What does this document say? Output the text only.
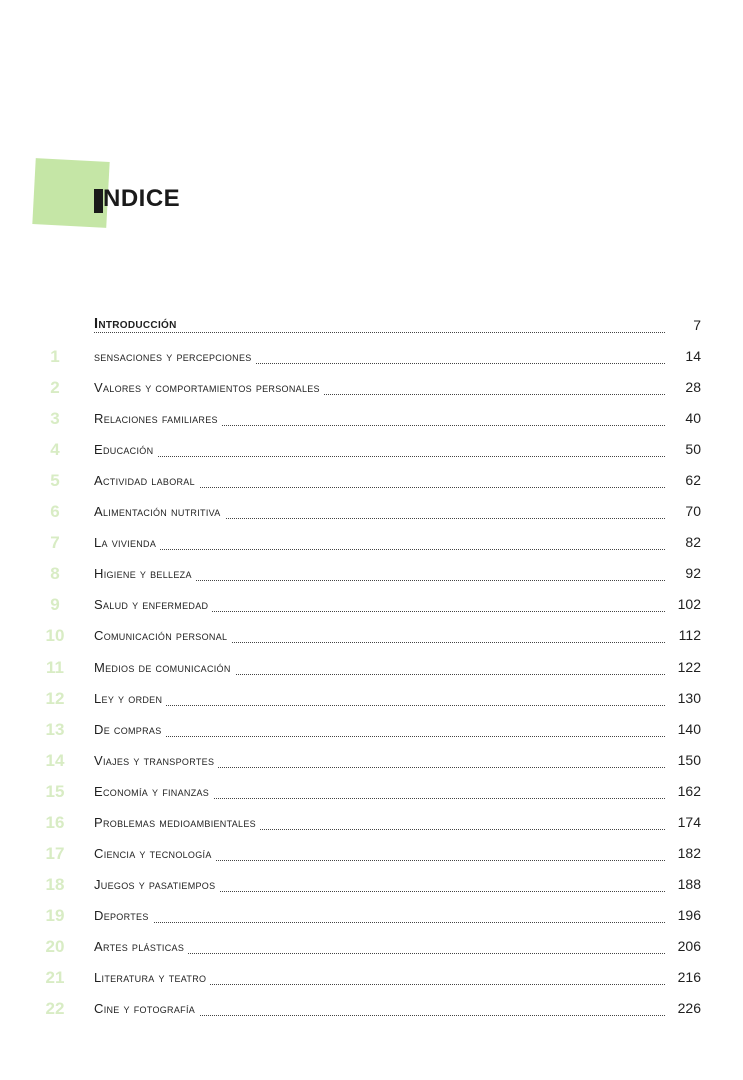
NDICE
Introducción	7
1	sensaciones y percepciones	14
2	Valores y comportamientos personales	28
3	Relaciones familiares	40
4	Educación	50
5	Actividad laboral	62
6	Alimentación nutritiva	70
7	La vivienda	82
8	Higiene y belleza	92
9	Salud y enfermedad	102
10	Comunicación personal	112
11	Medios de comunicación	122
12	Ley y orden	130
13	De compras	140
14	Viajes y transportes	150
15	Economía y finanzas	162
16	Problemas medioambientales	174
17	Ciencia y tecnología	182
18	Juegos y pasatiempos	188
19	Deportes	196
20	Artes plásticas	206
21	Literatura y teatro	216
22	Cine y fotografía	226
